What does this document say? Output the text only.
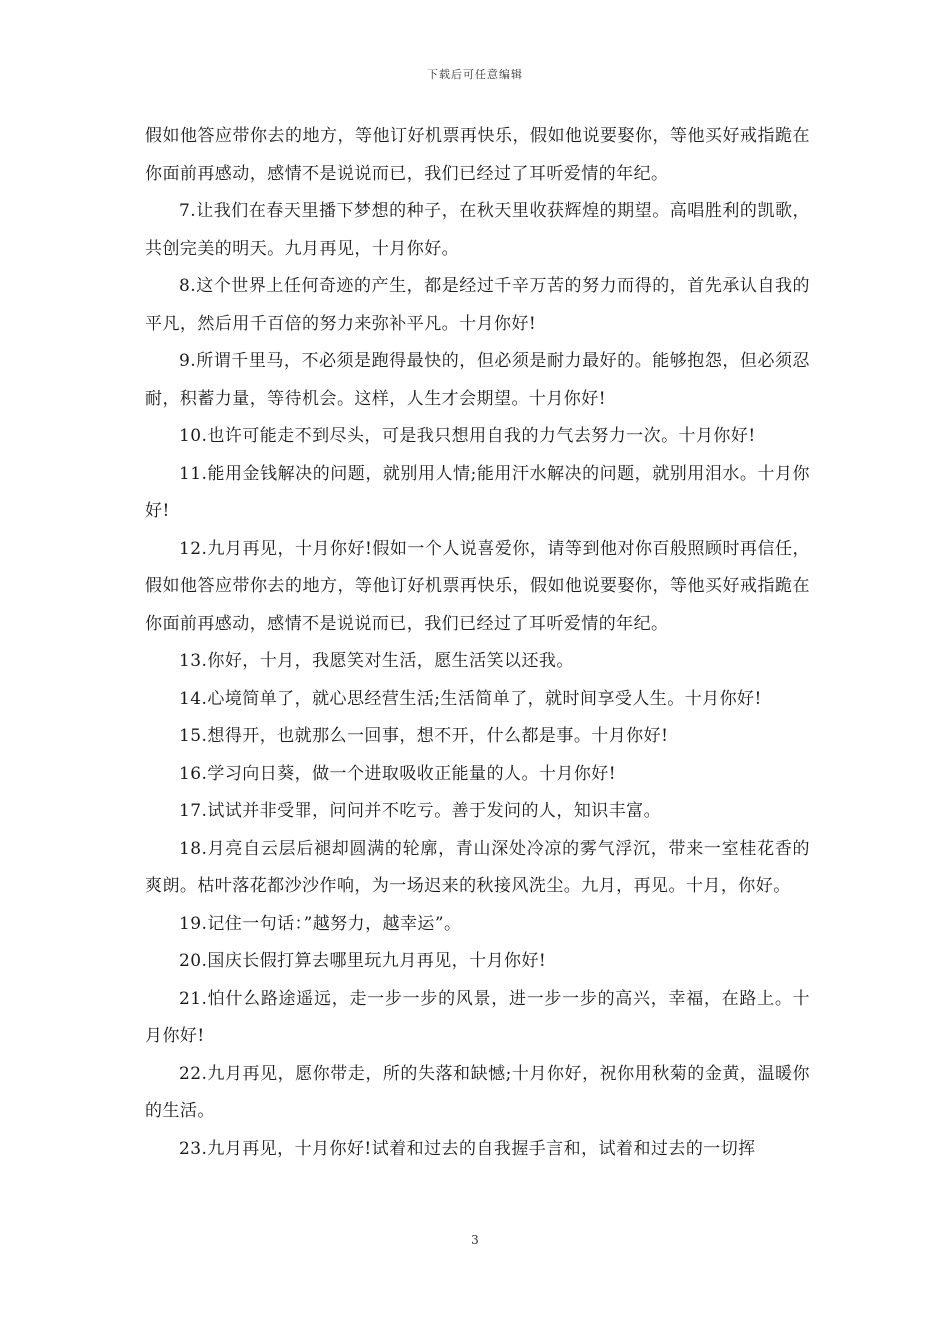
下载后可任意编辑

假如他答应带你去的地方，等他订好机票再快乐，假如他说要娶你，等他买好戒指跪在你面前再感动，感情不是说说而已，我们已经过了耳听爱情的年纪。

7.让我们在春天里播下梦想的种子，在秋天里收获辉煌的期望。高唱胜利的凯歌，共创完美的明天。九月再见，十月你好。

8.这个世界上任何奇迹的产生，都是经过千辛万苦的努力而得的，首先承认自我的平凡，然后用千百倍的努力来弥补平凡。十月你好!

9.所谓千里马，不必须是跑得最快的，但必须是耐力最好的。能够抱怨，但必须忍耐，积蓄力量，等待机会。这样，人生才会期望。十月你好!

10.也许可能走不到尽头，可是我只想用自我的力气去努力一次。十月你好!

11.能用金钱解决的问题，就别用人情;能用汗水解决的问题，就别用泪水。十月你好!

12.九月再见，十月你好!假如一个人说喜爱你，请等到他对你百般照顾时再信任，假如他答应带你去的地方，等他订好机票再快乐，假如他说要娶你，等他买好戒指跪在你面前再感动，感情不是说说而已，我们已经过了耳听爱情的年纪。

13.你好，十月，我愿笑对生活，愿生活笑以还我。

14.心境简单了，就心思经营生活;生活简单了，就时间享受人生。十月你好!

15.想得开，也就那么一回事，想不开，什么都是事。十月你好!

16.学习向日葵，做一个进取吸收正能量的人。十月你好!

17.试试并非受罪，问问并不吃亏。善于发问的人，知识丰富。

18.月亮自云层后褪却圆满的轮廓，青山深处冷凉的雾气浮沉，带来一室桂花香的爽朗。枯叶落花都沙沙作响，为一场迟来的秋接风洗尘。九月，再见。十月，你好。

19.记住一句话：”越努力，越幸运”。

20.国庆长假打算去哪里玩九月再见，十月你好!

21.怕什么路途遥远，走一步一步的风景，进一步一步的高兴，幸福，在路上。十月你好!

22.九月再见，愿你带走，所的失落和缺憾;十月你好，祝你用秋菊的金黄，温暖你的生活。

23.九月再见，十月你好!试着和过去的自我握手言和，试着和过去的一切挥

3
